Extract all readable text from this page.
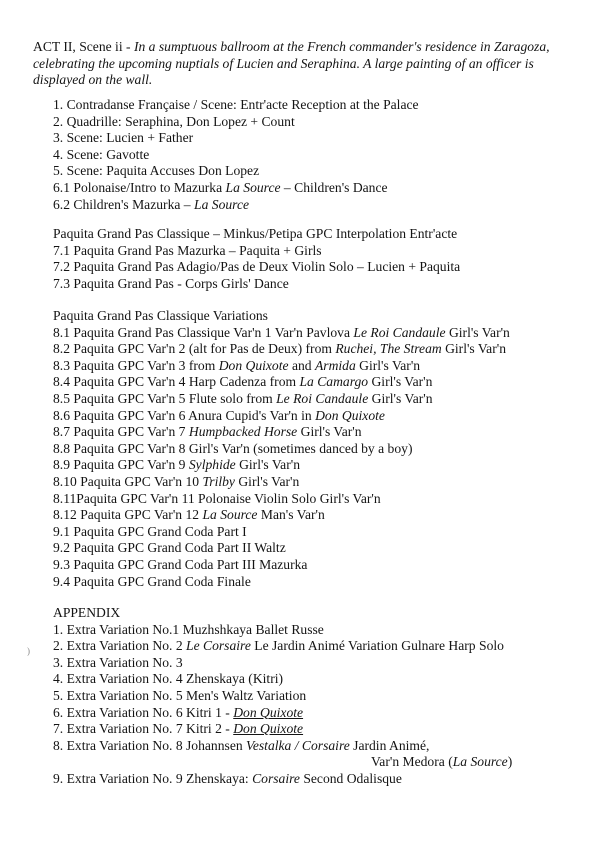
ACT II, Scene ii - In a sumptuous ballroom at the French commander's residence in Zaragoza,

celebrating the upcoming nuptials of Lucien and Seraphina. A large painting of an officer is

displayed on the wall.

1. Contradanse Française / Scene: Entr'acte Reception at the Palace
2. Quadrille: Seraphina, Don Lopez + Count
3. Scene: Lucien + Father
4. Scene: Gavotte
5. Scene: Paquita Accuses Don Lopez
6.1 Polonaise/Intro to Mazurka La Source – Children's Dance
6.2 Children's Mazurka – La Source
Paquita Grand Pas Classique – Minkus/Petipa GPC Interpolation Entr'acte
7.1 Paquita Grand Pas Mazurka – Paquita + Girls
7.2 Paquita Grand Pas Adagio/Pas de Deux Violin Solo – Lucien + Paquita
7.3 Paquita Grand Pas - Corps Girls' Dance
Paquita Grand Pas Classique Variations
8.1 Paquita Grand Pas Classique Var'n 1 Var'n Pavlova Le Roi Candaule Girl's Var'n
8.2 Paquita GPC Var'n 2 (alt for Pas de Deux) from Ruchei, The Stream Girl's Var'n
8.3 Paquita GPC Var'n 3 from Don Quixote and Armida Girl's Var'n
8.4 Paquita GPC Var'n 4 Harp Cadenza from La Camargo Girl's Var'n
8.5 Paquita GPC Var'n 5 Flute solo from Le Roi Candaule Girl's Var'n
8.6 Paquita GPC Var'n 6 Anura Cupid's Var'n in Don Quixote
8.7 Paquita GPC Var'n 7 Humpbacked Horse Girl's Var'n
8.8 Paquita GPC Var'n 8 Girl's Var'n (sometimes danced by a boy)
8.9 Paquita GPC Var'n 9 Sylphide Girl's Var'n
8.10 Paquita GPC Var'n 10 Trilby Girl's Var'n
8.11Paquita GPC Var'n 11 Polonaise Violin Solo Girl's Var'n
8.12 Paquita GPC Var'n 12 La Source Man's Var'n
9.1 Paquita GPC Grand Coda Part I
9.2 Paquita GPC Grand Coda Part II Waltz
9.3 Paquita GPC Grand Coda Part III Mazurka
9.4 Paquita GPC Grand Coda Finale
APPENDIX
1. Extra Variation No.1 Muzhshkaya Ballet Russe
2. Extra Variation No. 2 Le Corsaire Le Jardin Animé Variation Gulnare Harp Solo
3. Extra Variation No. 3
4. Extra Variation No. 4 Zhenskaya (Kitri)
5. Extra Variation No. 5 Men's Waltz Variation
6. Extra Variation No. 6 Kitri 1 - Don Quixote
7. Extra Variation No. 7 Kitri 2 - Don Quixote
8. Extra Variation No. 8 Johannsen Vestalka / Corsaire Jardin Animé,
Var'n Medora (La Source)
9. Extra Variation No. 9 Zhenskaya: Corsaire Second Odalisque
)
